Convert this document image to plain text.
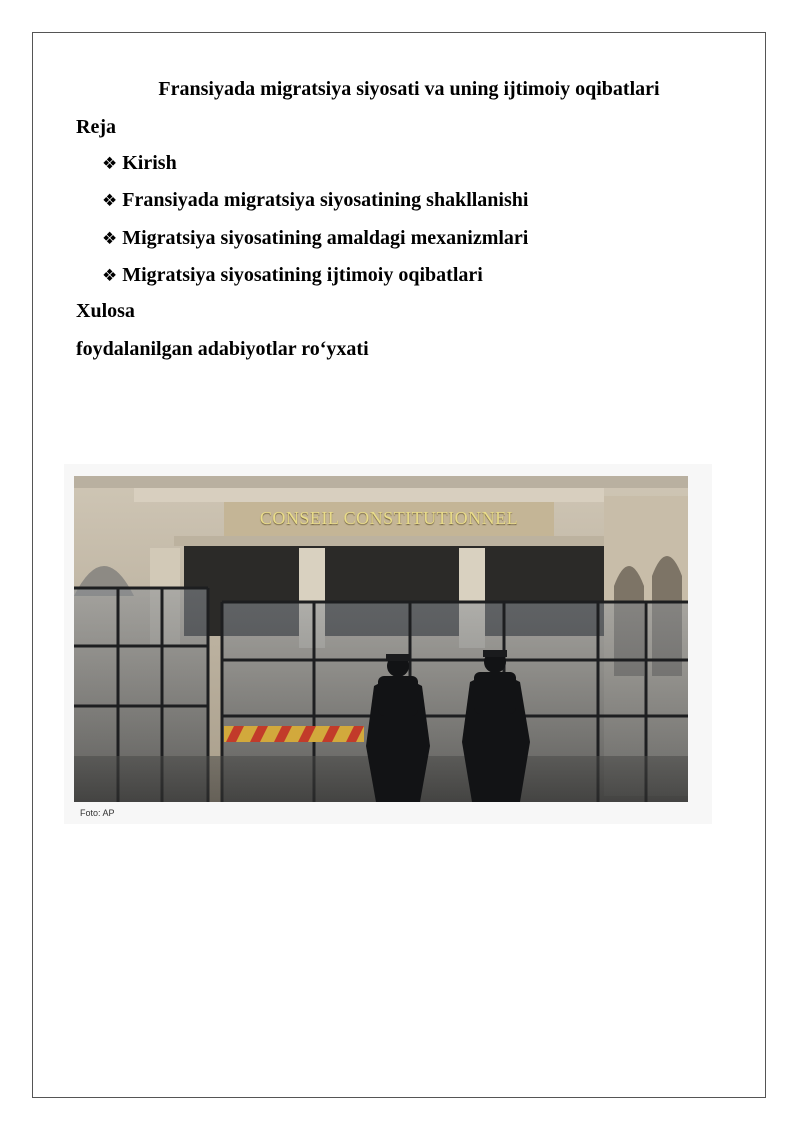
Fransiyada migratsiya siyosati va uning ijtimoiy oqibatlari
Reja
❖ Kirish
❖ Fransiyada migratsiya siyosatining shakllanishi
❖ Migratsiya siyosatining amaldagi mexanizmlari
❖ Migratsiya siyosatining ijtimoiy oqibatlari
Xulosa
foydalanilgan adabiyotlar ro‘yxati
CONSEIL CONSTITUTIONNEL
Foto: AP
